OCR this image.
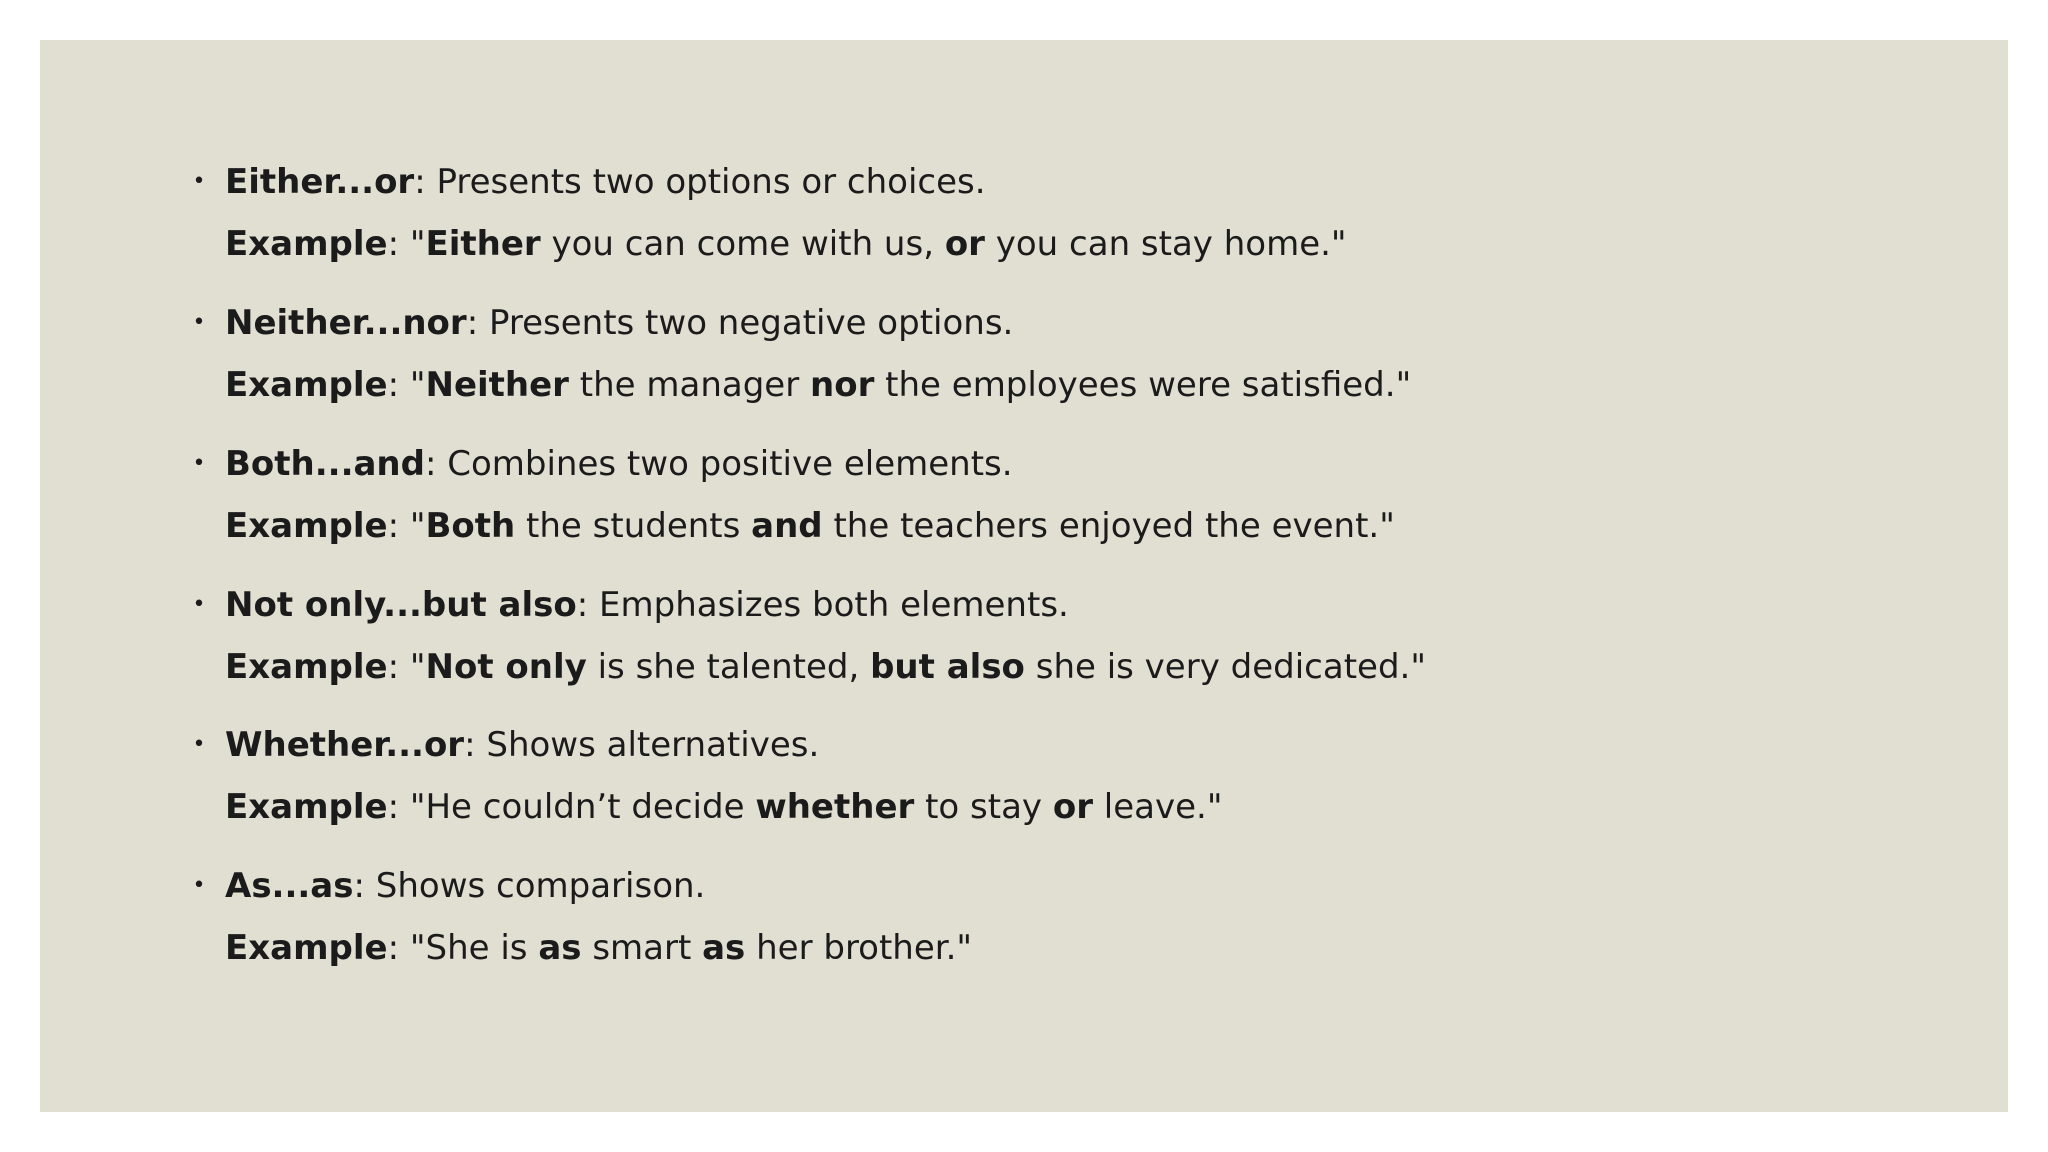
• Either...or: Presents two options or choices.
Example: "Either you can come with us, or you can stay home."
• Neither...nor: Presents two negative options.
Example: "Neither the manager nor the employees were satisfied."
• Both...and: Combines two positive elements.
Example: "Both the students and the teachers enjoyed the event."
• Not only...but also: Emphasizes both elements.
Example: "Not only is she talented, but also she is very dedicated."
• Whether...or: Shows alternatives.
Example: "He couldn’t decide whether to stay or leave."
• As...as: Shows comparison.
Example: "She is as smart as her brother."
